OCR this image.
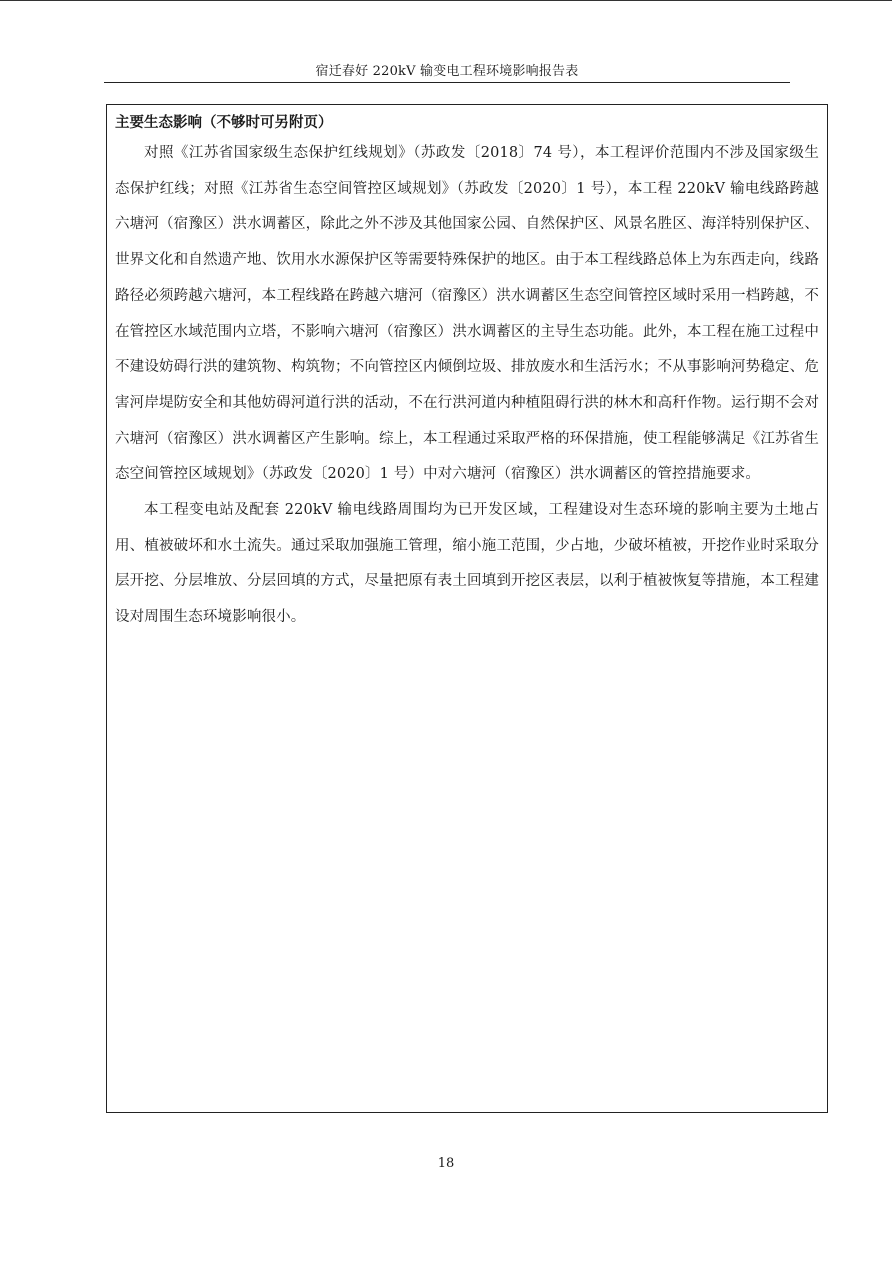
宿迁春好 220kV 输变电工程环境影响报告表
主要生态影响（不够时可另附页）

对照《江苏省国家级生态保护红线规划》（苏政发〔2018〕74 号），本工程评价范围内不涉及国家级生态保护红线；对照《江苏省生态空间管控区域规划》（苏政发〔2020〕1 号），本工程 220kV 输电线路跨越六塘河（宿豫区）洪水调蓄区，除此之外不涉及其他国家公园、自然保护区、风景名胜区、海洋特别保护区、世界文化和自然遗产地、饮用水水源保护区等需要特殊保护的地区。由于本工程线路总体上为东西走向，线路路径必须跨越六塘河，本工程线路在跨越六塘河（宿豫区）洪水调蓄区生态空间管控区域时采用一档跨越，不在管控区水域范围内立塔，不影响六塘河（宿豫区）洪水调蓄区的主导生态功能。此外，本工程在施工过程中不建设妨碍行洪的建筑物、构筑物；不向管控区内倾倒垃圾、排放废水和生活污水；不从事影响河势稳定、危害河岸堤防安全和其他妨碍河道行洪的活动，不在行洪河道内种植阻碍行洪的林木和高秆作物。运行期不会对六塘河（宿豫区）洪水调蓄区产生影响。综上，本工程通过采取严格的环保措施，使工程能够满足《江苏省生态空间管控区域规划》（苏政发〔2020〕1 号）中对六塘河（宿豫区）洪水调蓄区的管控措施要求。

本工程变电站及配套 220kV 输电线路周围均为已开发区域，工程建设对生态环境的影响主要为土地占用、植被破坏和水土流失。通过采取加强施工管理，缩小施工范围，少占地，少破坏植被，开挖作业时采取分层开挖、分层堆放、分层回填的方式，尽量把原有表土回填到开挖区表层，以利于植被恢复等措施，本工程建设对周围生态环境影响很小。

18
